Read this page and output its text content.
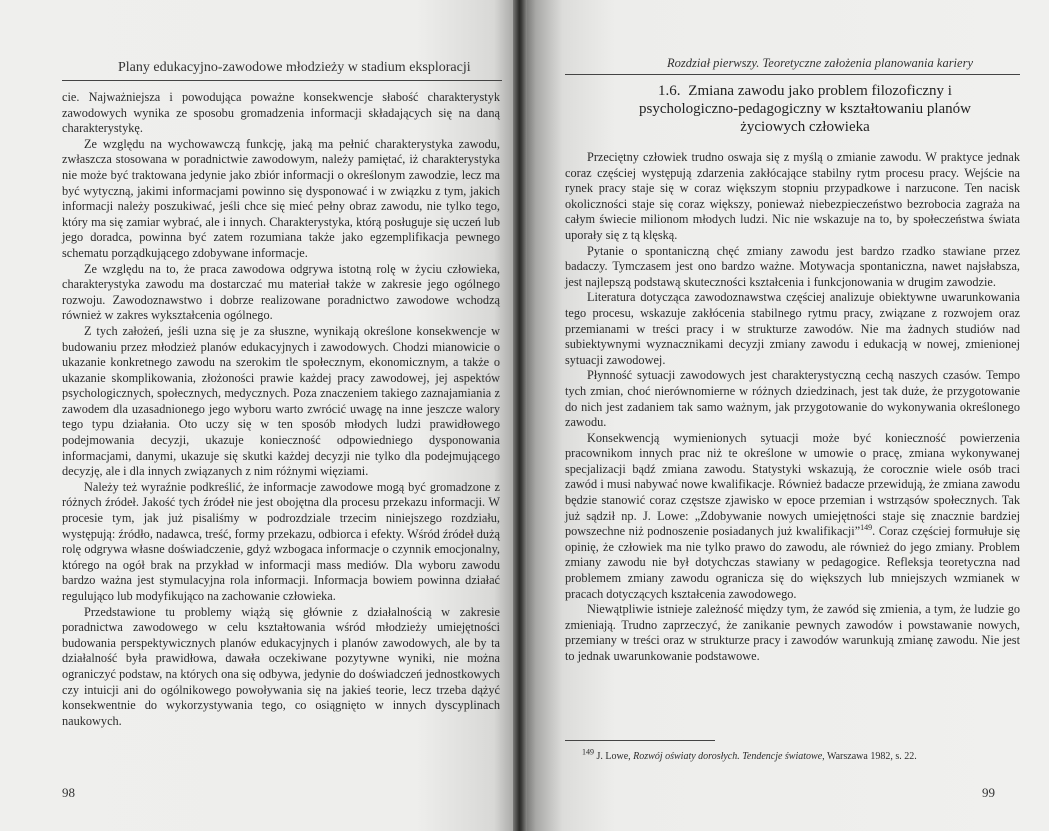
Plany edukacyjno-zawodowe młodzieży w stadium eksploracji

cie. Najważniejsza i powodująca poważne konsekwencje słabość charakterystyk zawodowych wynika ze sposobu gromadzenia informacji składających się na daną charakterystykę.

Ze względu na wychowawczą funkcję, jaką ma pełnić charakterystyka zawodu, zwłaszcza stosowana w poradnictwie zawodowym, należy pamiętać, iż charakterystyka nie może być traktowana jedynie jako zbiór informacji o określonym zawodzie, lecz ma być wytyczną, jakimi informacjami powinno się dysponować i w związku z tym, jakich informacji należy poszukiwać, jeśli chce się mieć pełny obraz zawodu, nie tylko tego, który ma się zamiar wybrać, ale i innych. Charakterystyka, którą posługuje się uczeń lub jego doradca, powinna być zatem rozumiana także jako egzemplifikacja pewnego schematu porządkującego zdobywane informacje.

Ze względu na to, że praca zawodowa odgrywa istotną rolę w życiu człowieka, charakterystyka zawodu ma dostarczać mu materiał także w zakresie jego ogólnego rozwoju. Zawodoznawstwo i dobrze realizowane poradnictwo zawodowe wchodzą również w zakres wykształcenia ogólnego.

Z tych założeń, jeśli uzna się je za słuszne, wynikają określone konsekwencje w budowaniu przez młodzież planów edukacyjnych i zawodowych. Chodzi mianowicie o ukazanie konkretnego zawodu na szerokim tle społecznym, ekonomicznym, a także o ukazanie skomplikowania, złożoności prawie każdej pracy zawodowej, jej aspektów psychologicznych, społecznych, medycznych. Poza znaczeniem takiego zaznajamiania z zawodem dla uzasadnionego jego wyboru warto zwrócić uwagę na inne jeszcze walory tego typu działania. Oto uczy się w ten sposób młodych ludzi prawidłowego podejmowania decyzji, ukazuje konieczność odpowiedniego dysponowania informacjami, danymi, ukazuje się skutki każdej decyzji nie tylko dla podejmującego decyzję, ale i dla innych związanych z nim różnymi więziami.

Należy też wyraźnie podkreślić, że informacje zawodowe mogą być gromadzone z różnych źródeł. Jakość tych źródeł nie jest obojętna dla procesu przekazu informacji. W procesie tym, jak już pisaliśmy w podrozdziale trzecim niniejszego rozdziału, występują: źródło, nadawca, treść, formy przekazu, odbiorca i efekty. Wśród źródeł dużą rolę odgrywa własne doświadczenie, gdyż wzbogaca informacje o czynnik emocjonalny, którego na ogół brak na przykład w informacji mass mediów. Dla wyboru zawodu bardzo ważna jest stymulacyjna rola informacji. Informacja bowiem powinna działać regulująco lub modyfikująco na zachowanie człowieka.

Przedstawione tu problemy wiążą się głównie z działalnością w zakresie poradnictwa zawodowego w celu kształtowania wśród młodzieży umiejętności budowania perspektywicznych planów edukacyjnych i planów zawodowych, ale by ta działalność była prawidłowa, dawała oczekiwane pozytywne wyniki, nie można ograniczyć podstaw, na których ona się odbywa, jedynie do doświadczeń jednostkowych czy intuicji ani do ogólnikowego powoływania się na jakieś teorie, lecz trzeba dążyć konsekwentnie do wykorzystywania tego, co osiągnięto w innych dyscyplinach naukowych.

98
Rozdział pierwszy. Teoretyczne założenia planowania kariery
1.6. Zmiana zawodu jako problem filozoficzny i psychologiczno-pedagogiczny w kształtowaniu planów życiowych człowieka

Przeciętny człowiek trudno oswaja się z myślą o zmianie zawodu. W praktyce jednak coraz częściej występują zdarzenia zakłócające stabilny rytm procesu pracy. Wejście na rynek pracy staje się w coraz większym stopniu przypadkowe i narzucone. Ten nacisk okoliczności staje się coraz większy, ponieważ niebezpieczeństwo bezrobocia zagraża na całym świecie milionom młodych ludzi. Nic nie wskazuje na to, by społeczeństwa świata uporały się z tą klęską.

Pytanie o spontaniczną chęć zmiany zawodu jest bardzo rzadko stawiane przez badaczy. Tymczasem jest ono bardzo ważne. Motywacja spontaniczna, nawet najsłabsza, jest najlepszą podstawą skuteczności kształcenia i funkcjonowania w drugim zawodzie.

Literatura dotycząca zawodoznawstwa częściej analizuje obiektywne uwarunkowania tego procesu, wskazuje zakłócenia stabilnego rytmu pracy, związane z rozwojem oraz przemianami w treści pracy i w strukturze zawodów. Nie ma żadnych studiów nad subiektywnymi wyznacznikami decyzji zmiany zawodu i edukacją w nowej, zmienionej sytuacji zawodowej.

Płynność sytuacji zawodowych jest charakterystyczną cechą naszych czasów. Tempo tych zmian, choć nierównomierne w różnych dziedzinach, jest tak duże, że przygotowanie do nich jest zadaniem tak samo ważnym, jak przygotowanie do wykonywania określonego zawodu.

Konsekwencją wymienionych sytuacji może być konieczność powierzenia pracownikom innych prac niż te określone w umowie o pracę, zmiana wykonywanej specjalizacji bądź zmiana zawodu. Statystyki wskazują, że corocznie wiele osób traci zawód i musi nabywać nowe kwalifikacje. Również badacze przewidują, że zmiana zawodu będzie stanowić coraz częstsze zjawisko w epoce przemian i wstrząsów społecznych. Tak już sądził np. J. Lowe: „Zdobywanie nowych umiejętności staje się znacznie bardziej powszechne niż podnoszenie posiadanych już kwalifikacji”$^{149}$. Coraz częściej formułuje się opinię, że człowiek ma nie tylko prawo do zawodu, ale również do jego zmiany. Problem zmiany zawodu nie był dotychczas stawiany w pedagogice. Refleksja teoretyczna nad problemem zmiany zawodu ogranicza się do większych lub mniejszych wzmianek w pracach dotyczących kształcenia zawodowego.

Niewątpliwie istnieje zależność między tym, że zawód się zmienia, a tym, że ludzie go zmieniają. Trudno zaprzeczyć, że zanikanie pewnych zawodów i powstawanie nowych, przemiany w treści oraz w strukturze pracy i zawodów warunkują zmianę zawodu. Nie jest to jednak uwarunkowanie podstawowe.

$^{149}$ J. Lowe, Rozwój oświaty dorosłych. Tendencje światowe, Warszawa 1982, s. 22.
99
